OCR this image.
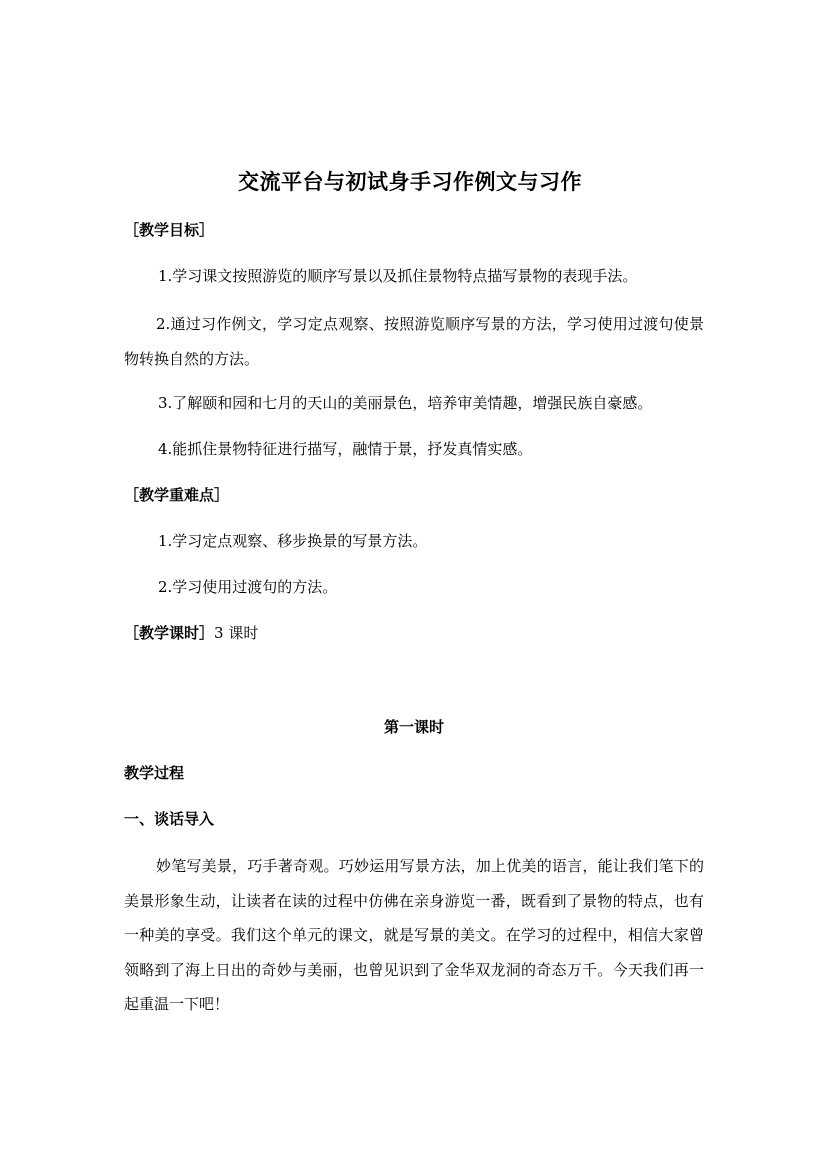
交流平台与初试身手习作例文与习作

［教学目标］

1.学习课文按照游览的顺序写景以及抓住景物特点描写景物的表现手法。

2.通过习作例文，学习定点观察、按照游览顺序写景的方法，学习使用过渡句使景物转换自然的方法。

3.了解颐和园和七月的天山的美丽景色，培养审美情趣，增强民族自豪感。

4.能抓住景物特征进行描写，融情于景，抒发真情实感。

［教学重难点］

1.学习定点观察、移步换景的写景方法。

2.学习使用过渡句的方法。

［教学课时］3 课时

第一课时

教学过程

一、谈话导入

妙笔写美景，巧手著奇观。巧妙运用写景方法，加上优美的语言，能让我们笔下的美景形象生动，让读者在读的过程中仿佛在亲身游览一番，既看到了景物的特点，也有一种美的享受。我们这个单元的课文，就是写景的美文。在学习的过程中，相信大家曾领略到了海上日出的奇妙与美丽，也曾见识到了金华双龙洞的奇态万千。今天我们再一起重温一下吧！
